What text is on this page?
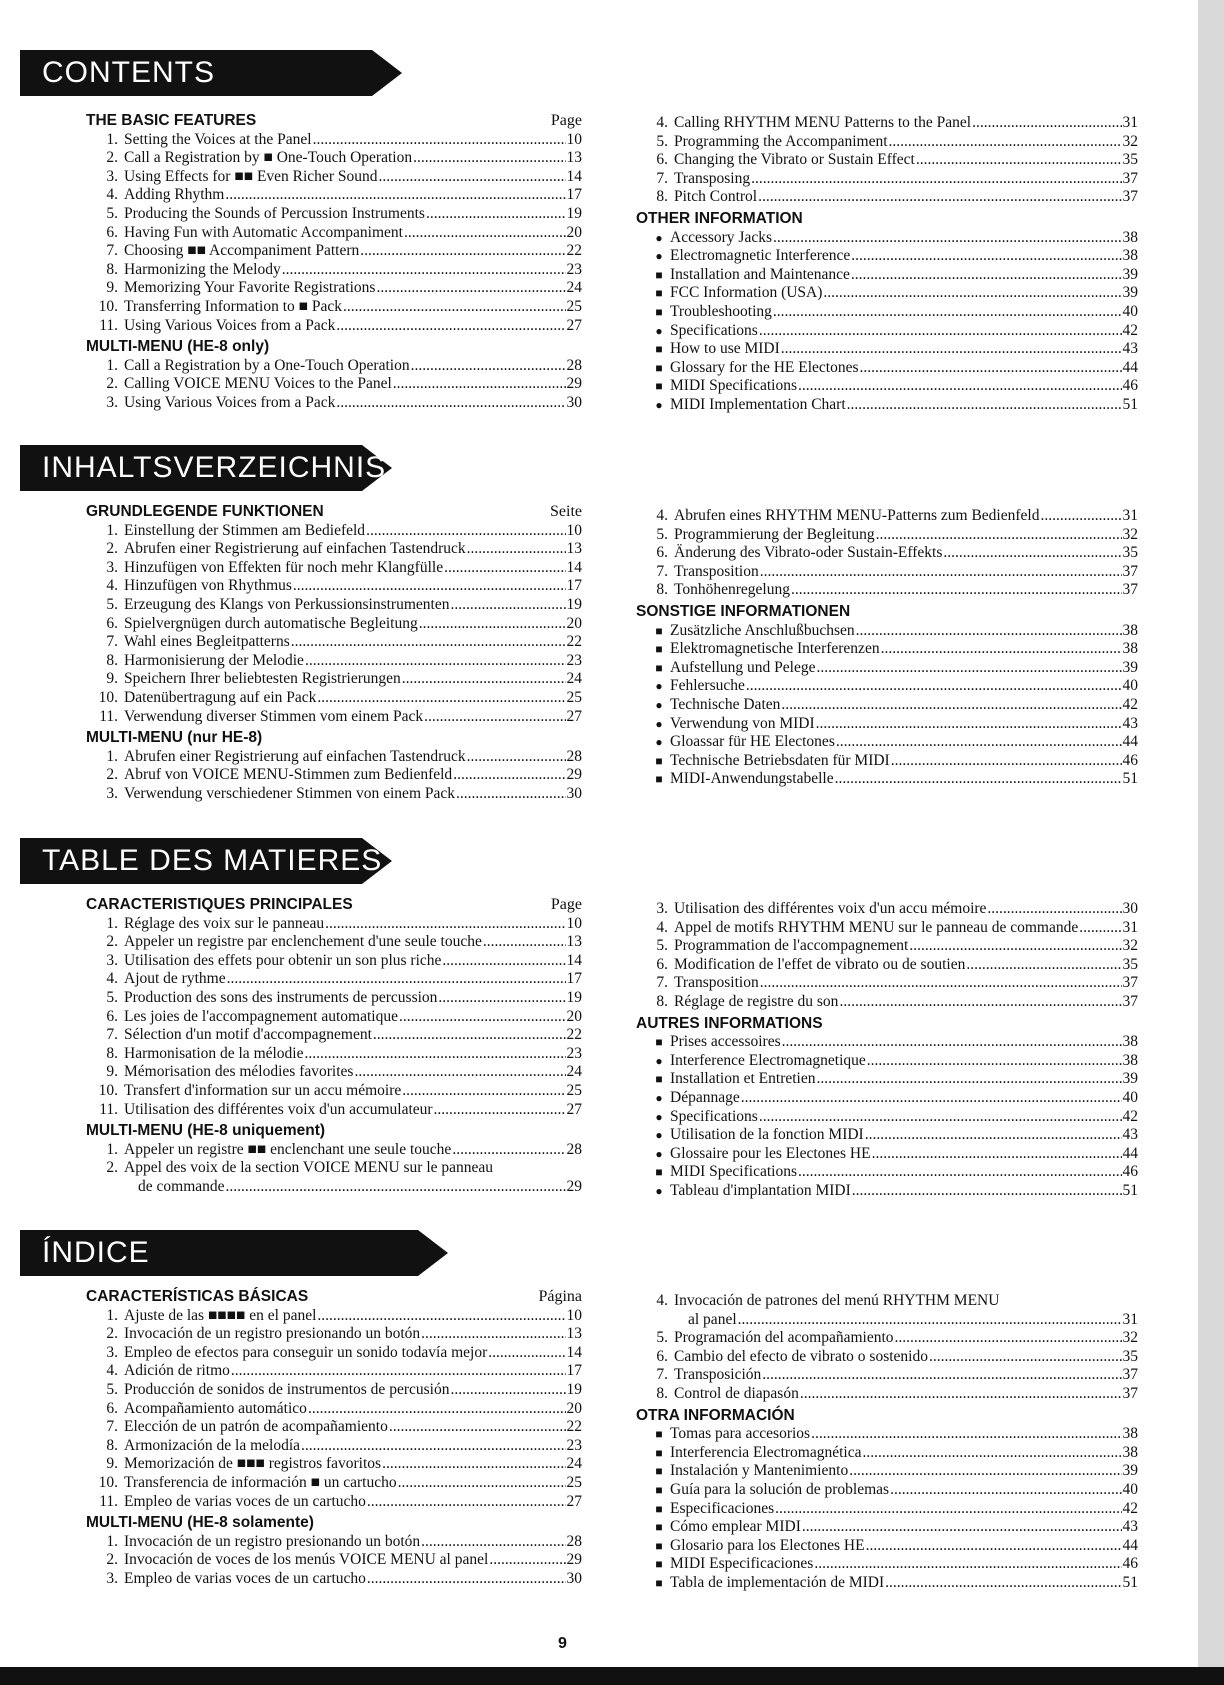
CONTENTS
THE BASIC FEATURES	Page
1. Setting the Voices at the Panel .....	10
2. Call a Registration by ■ One-Touch Operation .....	13
3. Using Effects for ■■ Even Richer Sound .....	14
4. Adding Rhythm .....	17
5. Producing the Sounds of Percussion Instruments .....	19
6. Having Fun with Automatic Accompaniment .....	20
7. Choosing ■■ Accompaniment Pattern .....	22
8. Harmonizing the Melody .....	23
9. Memorizing Your Favorite Registrations .....	24
10. Transferring Information to ■ Pack .....	25
11. Using Various Voices from a Pack .....	27
MULTI-MENU (HE-8 only)
1. Call a Registration by a One-Touch Operation .....	28
2. Calling VOICE MENU Voices to the Panel .....	29
3. Using Various Voices from a Pack .....	30
4. Calling RHYTHM MENU Patterns to the Panel .....	31
5. Programming the Accompaniment .....	32
6. Changing the Vibrato or Sustain Effect .....	35
7. Transposing .....	37
8. Pitch Control .....	37
OTHER INFORMATION
● Accessory Jacks .....	38
● Electromagnetic Interference .....	38
■ Installation and Maintenance .....	39
■ FCC Information (USA) .....	39
■ Troubleshooting .....	40
● Specifications .....	42
■ How to use MIDI .....	43
■ Glossary for the HE Electones .....	44
■ MIDI Specifications .....	46
● MIDI Implementation Chart .....	51
INHALTSVERZEICHNIS
GRUNDLEGENDE FUNKTIONEN	Seite
1. Einstellung der Stimmen am Bediefeld .....	10
2. Abrufen einer Registrierung auf einfachen Tastendruck .....	13
3. Hinzufügen von Effekten für noch mehr Klangfülle .....	14
4. Hinzufügen von Rhythmus .....	17
5. Erzeugung des Klangs von Perkussionsinstrumenten .....	19
6. Spielvergnügen durch automatische Begleitung .....	20
7. Wahl eines Begleitpatterns .....	22
8. Harmonisierung der Melodie .....	23
9. Speichern Ihrer beliebtesten Registrierungen .....	24
10. Datenübertragung auf ein Pack .....	25
11. Verwendung diverser Stimmen vom einem Pack .....	27
MULTI-MENU (nur HE-8)
1. Abrufen einer Registrierung auf einfachen Tastendruck .....	28
2. Abruf von VOICE MENU-Stimmen zum Bedienfeld .....	29
3. Verwendung verschiedener Stimmen von einem Pack .....	30
4. Abrufen eines RHYTHM MENU-Patterns zum Bedienfeld .....	31
5. Programmierung der Begleitung .....	32
6. Änderung des Vibrato-oder Sustain-Effekts .....	35
7. Transposition .....	37
8. Tonhöhenregelung .....	37
SONSTIGE INFORMATIONEN
■ Zusätzliche Anschlußbuchsen .....	38
■ Elektromagnetische Interferenzen .....	38
■ Aufstellung und Pelege .....	39
● Fehlersuche .....	40
● Technische Daten .....	42
● Verwendung von MIDI .....	43
● Gloassar für HE Electones .....	44
■ Technische Betriebsdaten für MIDI .....	46
■ MIDI-Anwendungstabelle .....	51
TABLE DES MATIERES
CARACTERISTIQUES PRINCIPALES	Page
1. Réglage des voix sur le panneau .....	10
2. Appeler un registre par enclenchement d'une seule touche .....	13
3. Utilisation des effets pour obtenir un son plus riche .....	14
4. Ajout de rythme .....	17
5. Production des sons des instruments de percussion .....	19
6. Les joies de l'accompagnement automatique .....	20
7. Sélection d'un motif d'accompagnement .....	22
8. Harmonisation de la mélodie .....	23
9. Mémorisation des mélodies favorites .....	24
10. Transfert d'information sur un accu mémoire .....	25
11. Utilisation des différentes voix d'un accumulateur .....	27
MULTI-MENU (HE-8 uniquement)
1. Appeler un registre ■■ enclenchant une seule touche .....	28
2. Appel des voix de la section VOICE MENU sur le panneau
de commande .....	29
3. Utilisation des différentes voix d'un accu mémoire .....	30
4. Appel de motifs RHYTHM MENU sur le panneau de commande .....	31
5. Programmation de l'accompagnement .....	32
6. Modification de l'effet de vibrato ou de soutien .....	35
7. Transposition .....	37
8. Réglage de registre du son .....	37
AUTRES INFORMATIONS
■ Prises accessoires .....	38
● Interference Electromagnetique .....	38
■ Installation et Entretien .....	39
● Dépannage .....	40
● Specifications .....	42
● Utilisation de la fonction MIDI .....	43
● Glossaire pour les Electones HE .....	44
■ MIDI Specifications .....	46
● Tableau d'implantation MIDI .....	51
ÍNDICE
CARACTERÍSTICAS BÁSICAS	Página
1. Ajuste de las ■■■■ en el panel .....	10
2. Invocación de un registro presionando un botón .....	13
3. Empleo de efectos para conseguir un sonido todavía mejor .....	14
4. Adición de ritmo .....	17
5. Producción de sonidos de instrumentos de percusión .....	19
6. Acompañamiento automático .....	20
7. Elección de un patrón de acompañamiento .....	22
8. Armonización de la melodía .....	23
9. Memorización de ■■■ registros favoritos .....	24
10. Transferencia de información ■ un cartucho .....	25
11. Empleo de varias voces de un cartucho .....	27
MULTI-MENU (HE-8 solamente)
1. Invocación de un registro presionando un botón .....	28
2. Invocación de voces de los menús VOICE MENU al panel .....	29
3. Empleo de varias voces de un cartucho .....	30
4. Invocación de patrones del menú RHYTHM MENU
al panel .....	31
5. Programación del acompañamiento .....	32
6. Cambio del efecto de vibrato o sostenido .....	35
7. Transposición .....	37
8. Control de diapasón .....	37
OTRA INFORMACIÓN
■ Tomas para accesorios .....	38
■ Interferencia Electromagnética .....	38
■ Instalación y Mantenimiento .....	39
■ Guía para la solución de problemas .....	40
■ Especificaciones .....	42
■ Cómo emplear MIDI .....	43
■ Glosario para los Electones HE .....	44
■ MIDI Especificaciones .....	46
■ Tabla de implementación de MIDI .....	51
9
